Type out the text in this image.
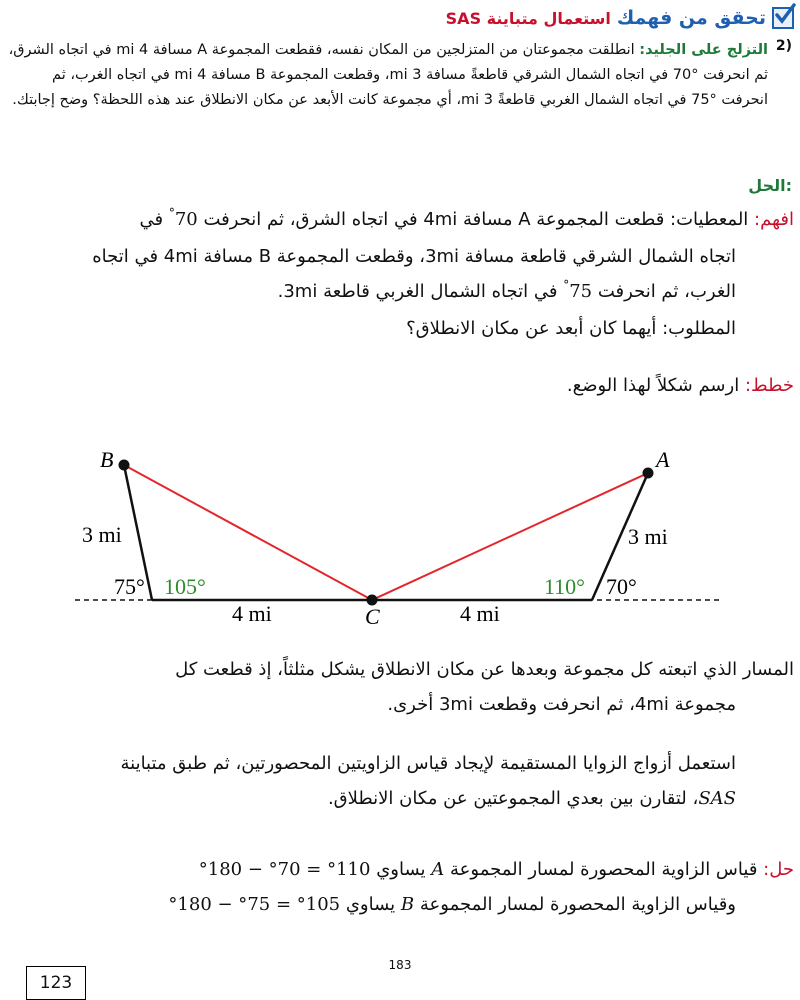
تحقق من فهمك
استعمال متباينة SAS
2)
التزلج على الجليد: انطلقت مجموعتان من المتزلجين من المكان نفسه، فقطعت المجموعة A مسافة 4 mi في اتجاه الشرق، ثم انحرفت °70 في اتجاه الشمال الشرقي قاطعةً مسافة 3 mi، وقطعت المجموعة B مسافة 4 mi في اتجاه الغرب، ثم انحرفت °75 في اتجاه الشمال الغربي قاطعةً 3 mi، أي مجموعة كانت الأبعد عن مكان الانطلاق عند هذه اللحظة؟ وضح إجابتك.
الحل:
افهم: المعطيات: قطعت المجموعة A مسافة 4mi في اتجاه الشرق، ثم انحرفت 70° في
اتجاه الشمال الشرقي قاطعة مسافة 3mi، وقطعت المجموعة B مسافة 4mi في اتجاه
الغرب، ثم انحرفت 75° في اتجاه الشمال الغربي قاطعة 3mi.
المطلوب: أيهما كان أبعد عن مكان الانطلاق؟
خطط: ارسم شكلاً لهذا الوضع.
B	A
C
3 mi	3 mi
4 mi	4 mi
75° 105°	110° 70°
المسار الذي اتبعته كل مجموعة وبعدها عن مكان الانطلاق يشكل مثلثاً، إذ قطعت كل
مجموعة 4mi، ثم انحرفت وقطعت 3mi أخرى.
استعمل أزواج الزوايا المستقيمة لإيجاد قياس الزاويتين المحصورتين، ثم طبق متباينة
SAS، لتقارن بين بعدي المجموعتين عن مكان الانطلاق.
حل: قياس الزاوية المحصورة لمسار المجموعة A يساوي 110° = 70° − 180°
وقياس الزاوية المحصورة لمسار المجموعة B يساوي 105° = 75° − 180°
183
123
